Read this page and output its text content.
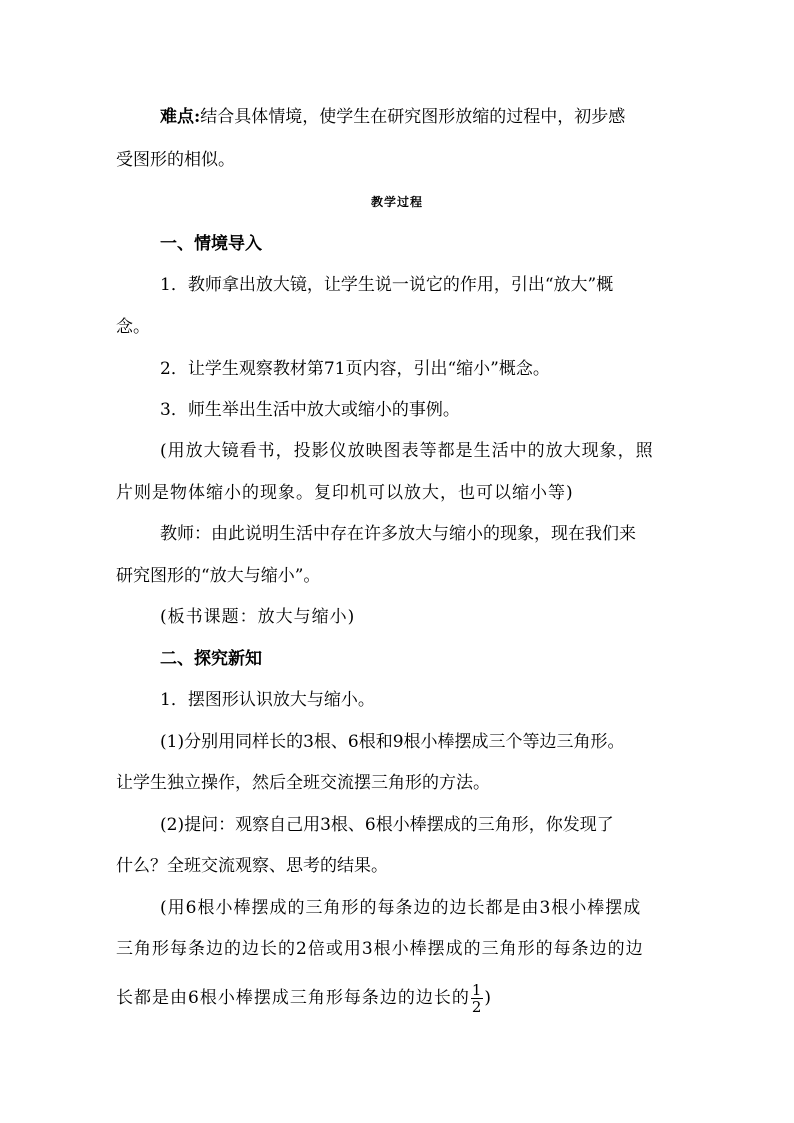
难点:结合具体情境，使学生在研究图形放缩的过程中，初步感
受图形的相似。
教学过程
一、情境导入
1．教师拿出放大镜，让学生说一说它的作用，引出“放大”概
念。
2．让学生观察教材第71页内容，引出“缩小”概念。
3．师生举出生活中放大或缩小的事例。
(用放大镜看书，投影仪放映图表等都是生活中的放大现象，照
片则是物体缩小的现象。复印机可以放大，也可以缩小等)
教师：由此说明生活中存在许多放大与缩小的现象，现在我们来
研究图形的“放大与缩小”。
(板书课题：放大与缩小)
二、探究新知
1．摆图形认识放大与缩小。
(1)分别用同样长的3根、6根和9根小棒摆成三个等边三角形。
让学生独立操作，然后全班交流摆三角形的方法。
(2)提问：观察自己用3根、6根小棒摆成的三角形，你发现了
什么？全班交流观察、思考的结果。
(用6根小棒摆成的三角形的每条边的边长都是由3根小棒摆成
三角形每条边的边长的2倍或用3根小棒摆成的三角形的每条边的边
长都是由6根小棒摆成三角形每条边的边长的 $\frac{1}{2}$ )
